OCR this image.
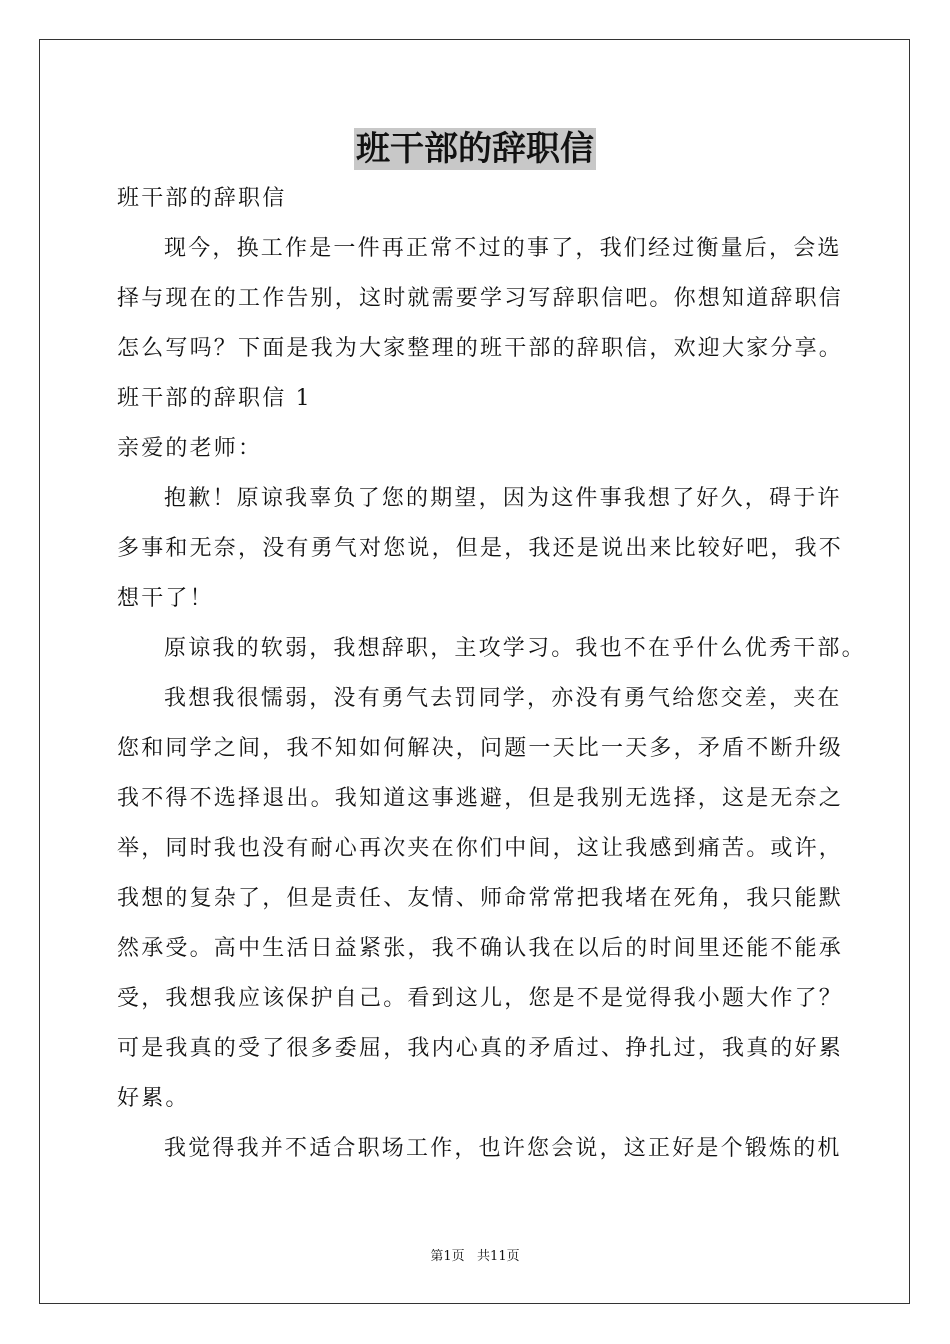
班干部的辞职信
班干部的辞职信
现今，换工作是一件再正常不过的事了，我们经过衡量后，会选
择与现在的工作告别，这时就需要学习写辞职信吧。你想知道辞职信
怎么写吗？下面是我为大家整理的班干部的辞职信，欢迎大家分享。
班干部的辞职信 1
亲爱的老师：
抱歉！原谅我辜负了您的期望，因为这件事我想了好久，碍于许
多事和无奈，没有勇气对您说，但是，我还是说出来比较好吧，我不
想干了！
原谅我的软弱，我想辞职，主攻学习。我也不在乎什么优秀干部。
我想我很懦弱，没有勇气去罚同学，亦没有勇气给您交差，夹在
您和同学之间，我不知如何解决，问题一天比一天多，矛盾不断升级
我不得不选择退出。我知道这事逃避，但是我别无选择，这是无奈之
举，同时我也没有耐心再次夹在你们中间，这让我感到痛苦。或许，
我想的复杂了，但是责任、友情、师命常常把我堵在死角，我只能默
然承受。高中生活日益紧张，我不确认我在以后的时间里还能不能承
受，我想我应该保护自己。看到这儿，您是不是觉得我小题大作了？
可是我真的受了很多委屈，我内心真的矛盾过、挣扎过，我真的好累
好累。
我觉得我并不适合职场工作，也许您会说，这正好是个锻炼的机
第1页   共11页
